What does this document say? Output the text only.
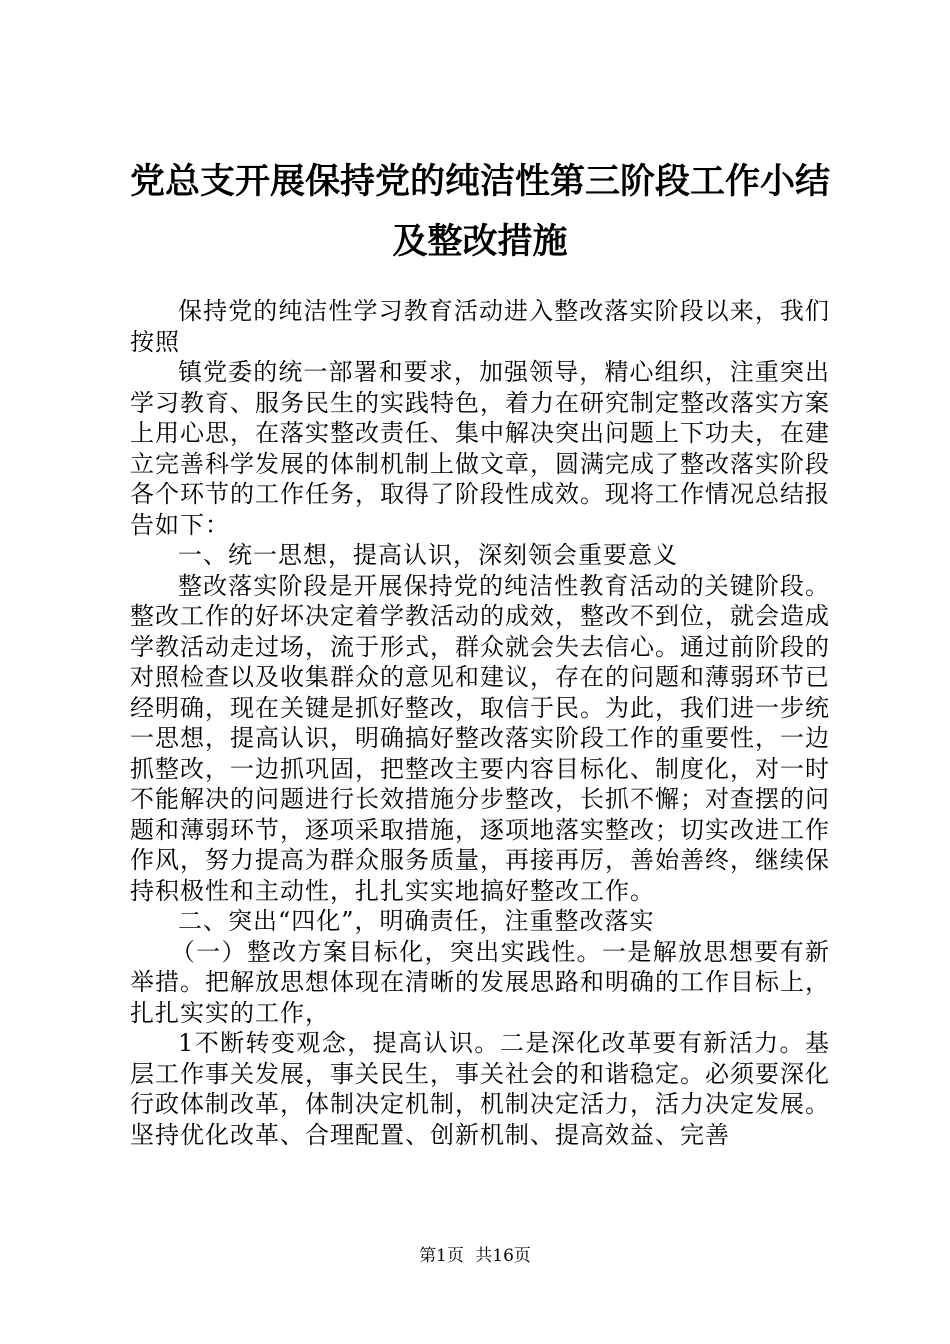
党总支开展保持党的纯洁性第三阶段工作小结
及整改措施

保持党的纯洁性学习教育活动进入整改落实阶段以来，我们按照

镇党委的统一部署和要求，加强领导，精心组织，注重突出学习教育、服务民生的实践特色，着力在研究制定整改落实方案上用心思，在落实整改责任、集中解决突出问题上下功夫，在建立完善科学发展的体制机制上做文章，圆满完成了整改落实阶段各个环节的工作任务，取得了阶段性成效。现将工作情况总结报告如下：

一、统一思想，提高认识，深刻领会重要意义

整改落实阶段是开展保持党的纯洁性教育活动的关键阶段。整改工作的好坏决定着学教活动的成效，整改不到位，就会造成学教活动走过场，流于形式，群众就会失去信心。通过前阶段的对照检查以及收集群众的意见和建议，存在的问题和薄弱环节已经明确，现在关键是抓好整改，取信于民。为此，我们进一步统一思想，提高认识，明确搞好整改落实阶段工作的重要性，一边抓整改，一边抓巩固，把整改主要内容目标化、制度化，对一时不能解决的问题进行长效措施分步整改，长抓不懈；对查摆的问题和薄弱环节，逐项采取措施，逐项地落实整改；切实改进工作作风，努力提高为群众服务质量，再接再厉，善始善终，继续保持积极性和主动性，扎扎实实地搞好整改工作。

二、突出“四化”，明确责任，注重整改落实

（一）整改方案目标化，突出实践性。一是解放思想要有新举措。把解放思想体现在清晰的发展思路和明确的工作目标上，扎扎实实的工作，

1不断转变观念，提高认识。二是深化改革要有新活力。基层工作事关发展，事关民生，事关社会的和谐稳定。必须要深化行政体制改革，体制决定机制，机制决定活力，活力决定发展。坚持优化改革、合理配置、创新机制、提高效益、完善

第1页 共16页
